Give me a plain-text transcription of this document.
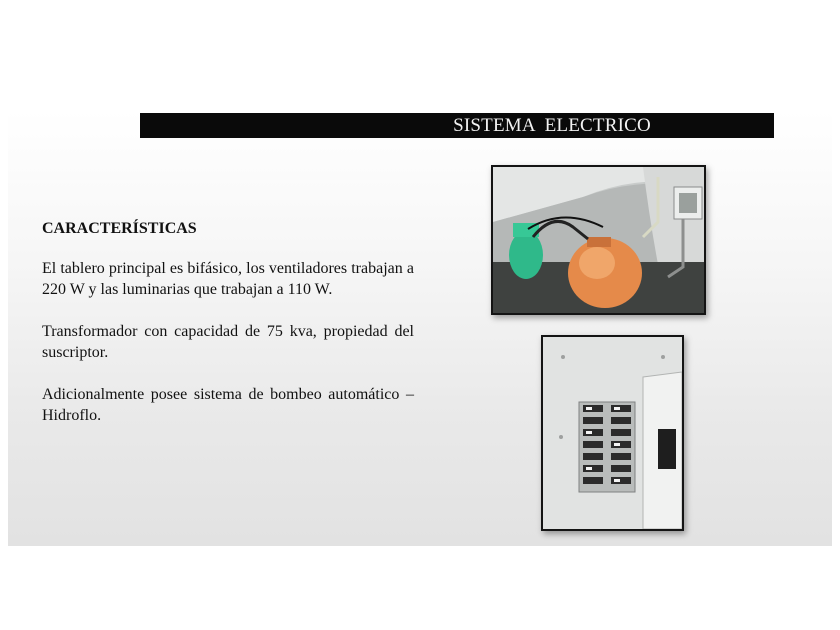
SISTEMA  ELECTRICO

CARACTERÍSTICAS

El tablero principal es bifásico, los ventiladores trabajan a 220 W y las luminarias que trabajan a 110 W.

Transformador con capacidad de 75 kva, propiedad del suscriptor.

Adicionalmente posee sistema de bombeo automático – Hidroflo.
